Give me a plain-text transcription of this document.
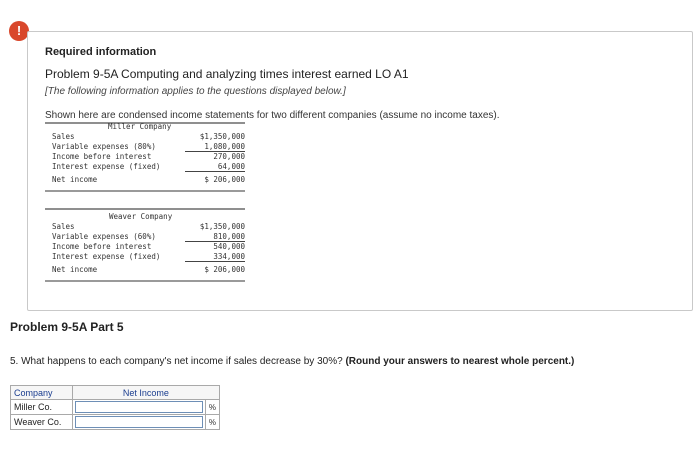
!
Required information
Problem 9-5A Computing and analyzing times interest earned LO A1
[The following information applies to the questions displayed below.]
Shown here are condensed income statements for two different companies (assume no income taxes).
Miller Company
Sales	$1,350,000
Variable expenses (80%)	1,080,000
Income before interest	270,000
Interest expense (fixed)	64,000
Net income	$ 206,000
Weaver Company
Sales	$1,350,000
Variable expenses (60%)	810,000
Income before interest	540,000
Interest expense (fixed)	334,000
Net income	$ 206,000
Problem 9-5A Part 5
5. What happens to each company's net income if sales decrease by 30%? (Round your answers to nearest whole percent.)
Company	Net Income	
Miller Co.		%
Weaver Co.		%
